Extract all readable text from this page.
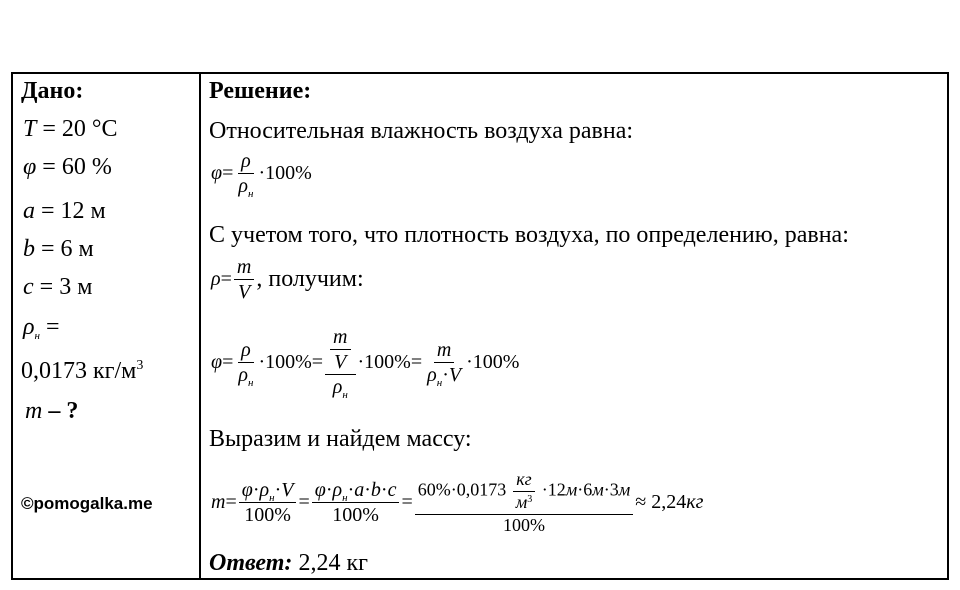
Дано:
T = 20 °C
φ = 60 %
a = 12 м
b = 6 м
c = 3 м
$\rho_н$ =
0,0173 $кг/м^3$
m – ?
©pomogalka.me
Решение:
Относительная влажность воздуха равна:
$\varphi = \frac{\rho}{\rho_н} \cdot 100\%$
С учетом того, что плотность воздуха, по определению, равна:
$\rho = \frac{m}{V}$ , получим:
$\varphi = \frac{\rho}{\rho_н} \cdot 100\% = \frac{\frac{m}{V}}{\rho_н} \cdot 100\% = \frac{m}{\rho_н\cdot V} \cdot 100\%$
Выразим и найдем массу:
$m = \frac{\varphi\cdot\rho_н\cdot V}{100\%} = \frac{\varphi\cdot\rho_н\cdot a\cdot b\cdot c}{100\%}$ =
$60\%\cdot 0,0173 \frac{кг}{м^3} \cdot 12м\cdot 6м\cdot 3м$
100%
≈ 2,24 кг
Ответ: 2,24 кг
